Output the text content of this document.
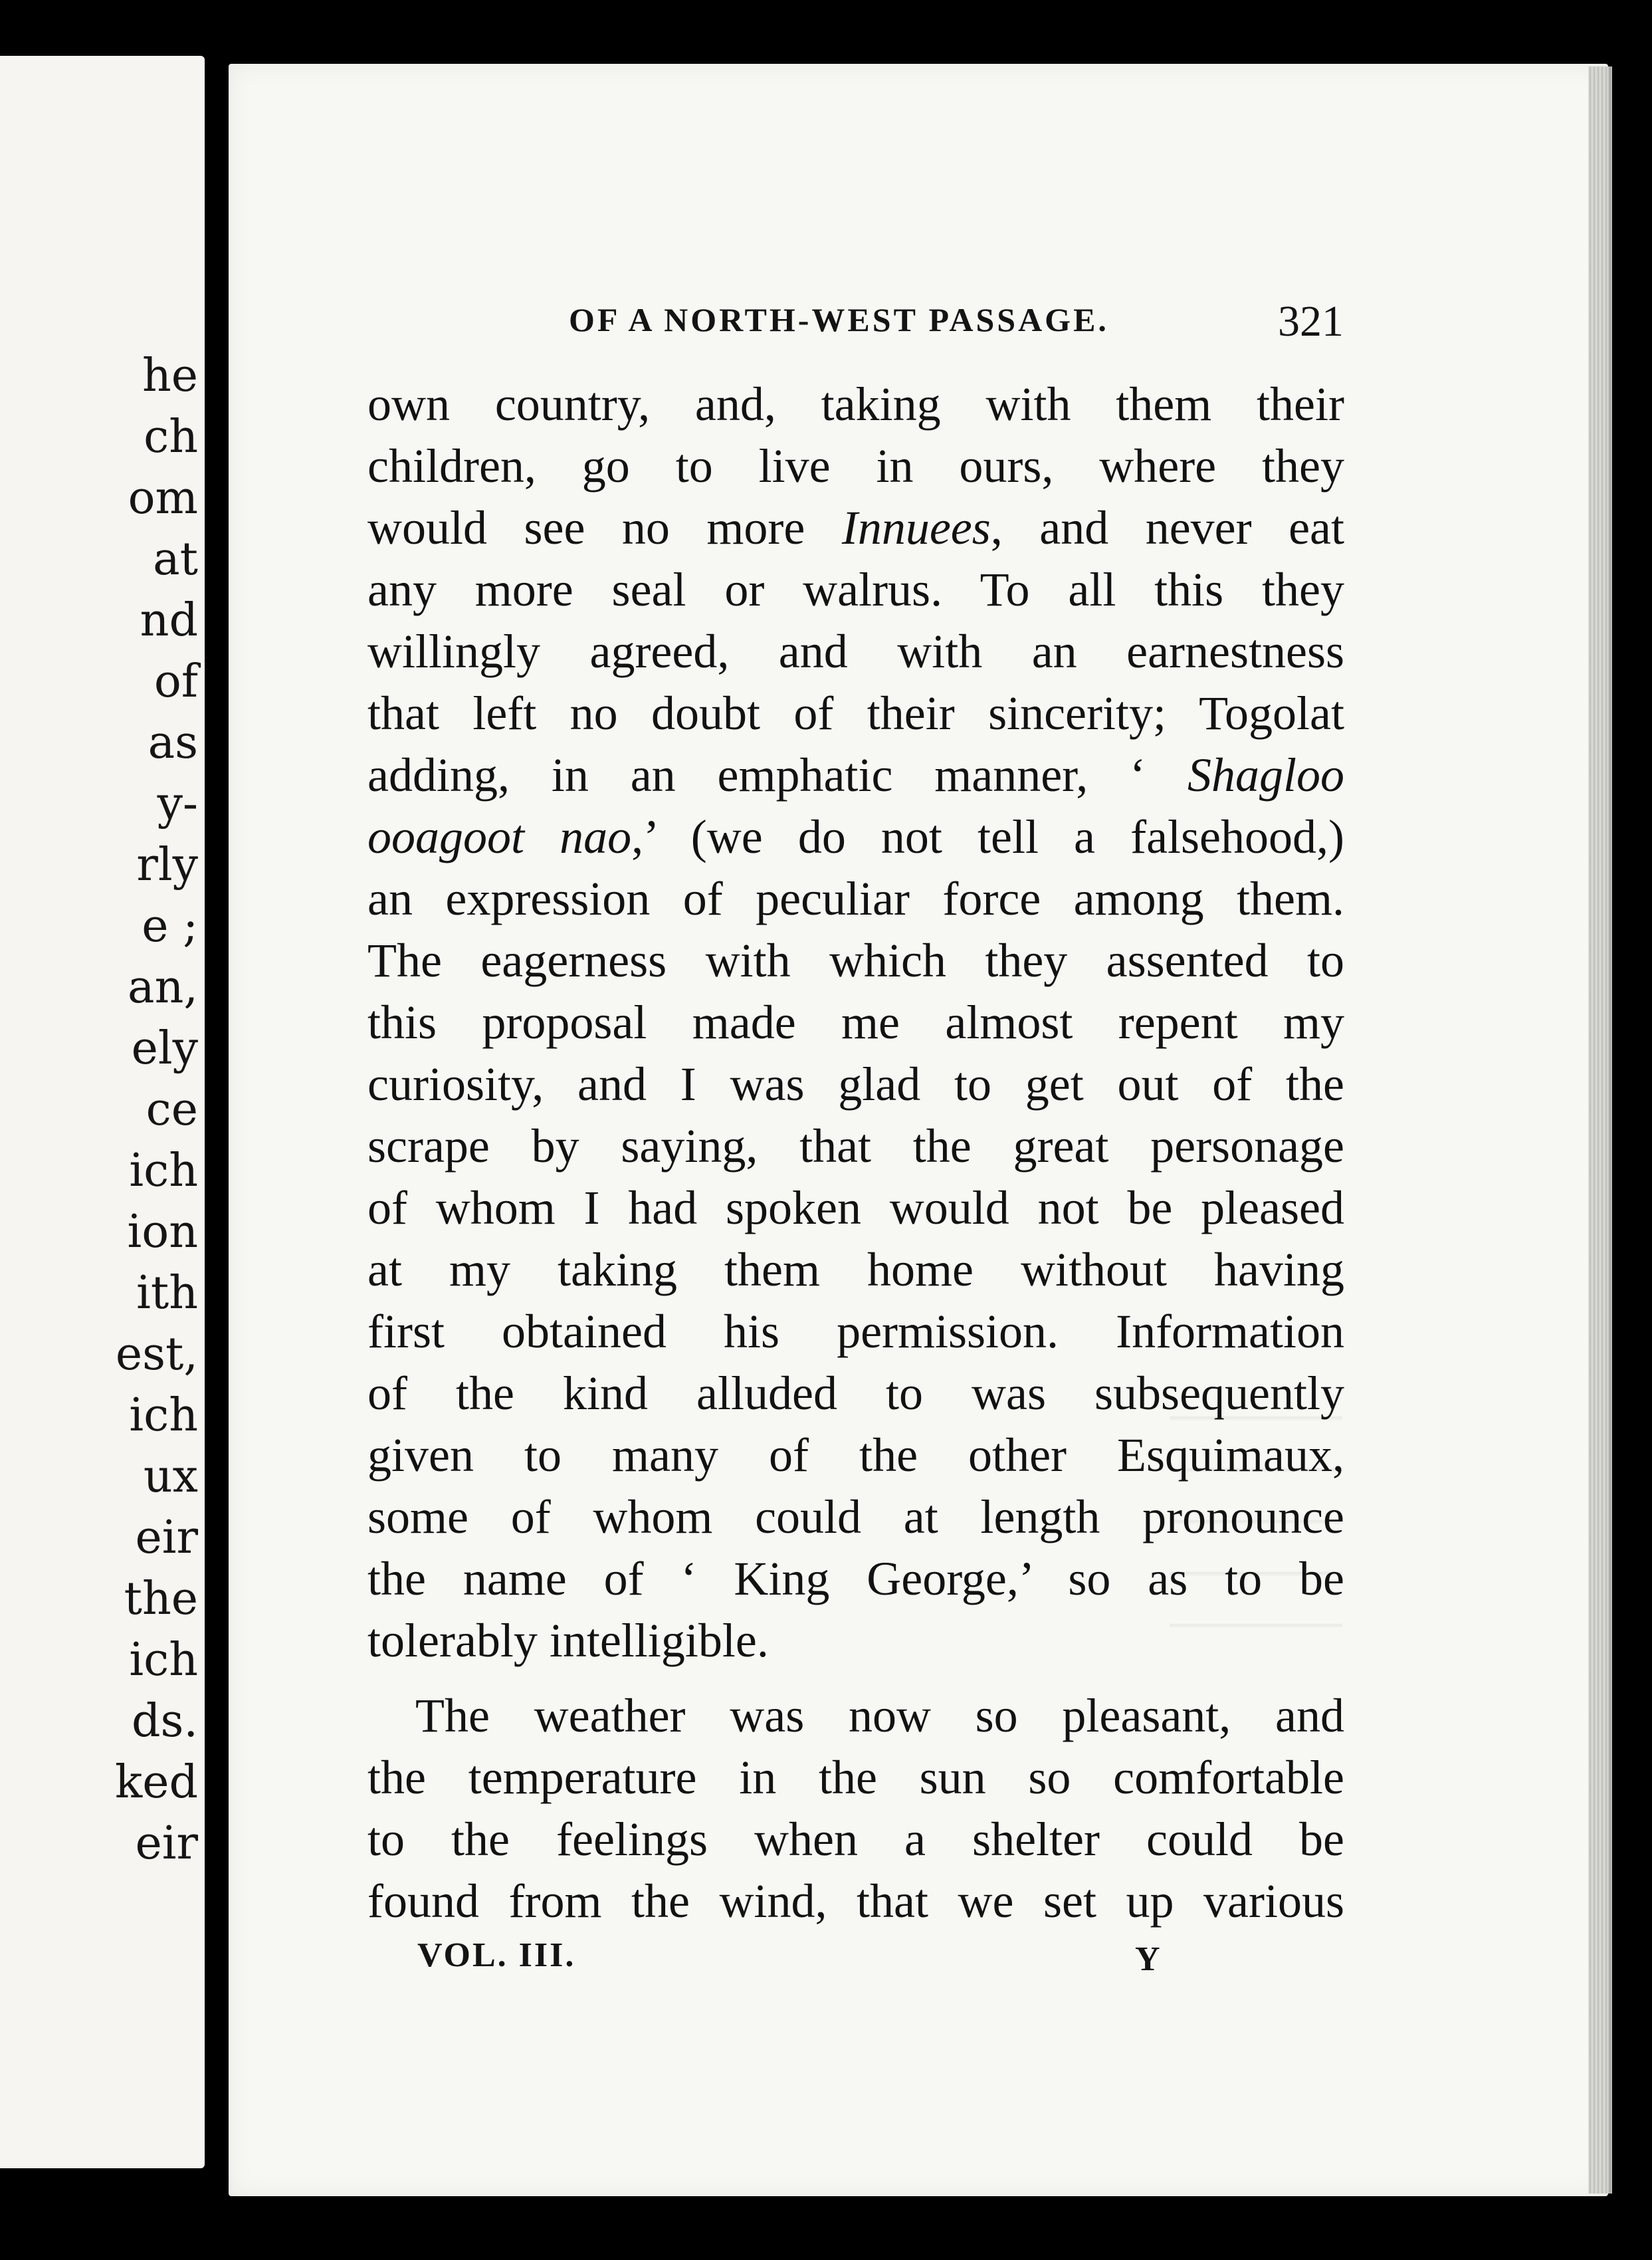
he

ch

om

at

nd

of

as

y-

rly

e ;

an,

ely

ce

ich

ion

ith

est,

ich

ux

eir

the

ich

ds.

ked

eir

OF A NORTH-WEST PASSAGE.	321
own country, and, taking with them their
children, go to live in ours, where they
would see no more Innuees, and never eat
any more seal or walrus. To all this they
willingly agreed, and with an earnestness
that left no doubt of their sincerity; Togolat
adding, in an emphatic manner, ‘ Shagloo
ooagoot nao,’ (we do not tell a falsehood,)
an expression of peculiar force among them.
The eagerness with which they assented to
this proposal made me almost repent my
curiosity, and I was glad to get out of the
scrape by saying, that the great personage
of whom I had spoken would not be pleased
at my taking them home without having
first obtained his permission. Information
of the kind alluded to was subsequently
given to many of the other Esquimaux,
some of whom could at length pronounce
the name of ‘ King George,’ so as to be
tolerably intelligible.
The weather was now so pleasant, and
the temperature in the sun so comfortable
to the feelings when a shelter could be
found from the wind, that we set up various
VOL. III.	Y
